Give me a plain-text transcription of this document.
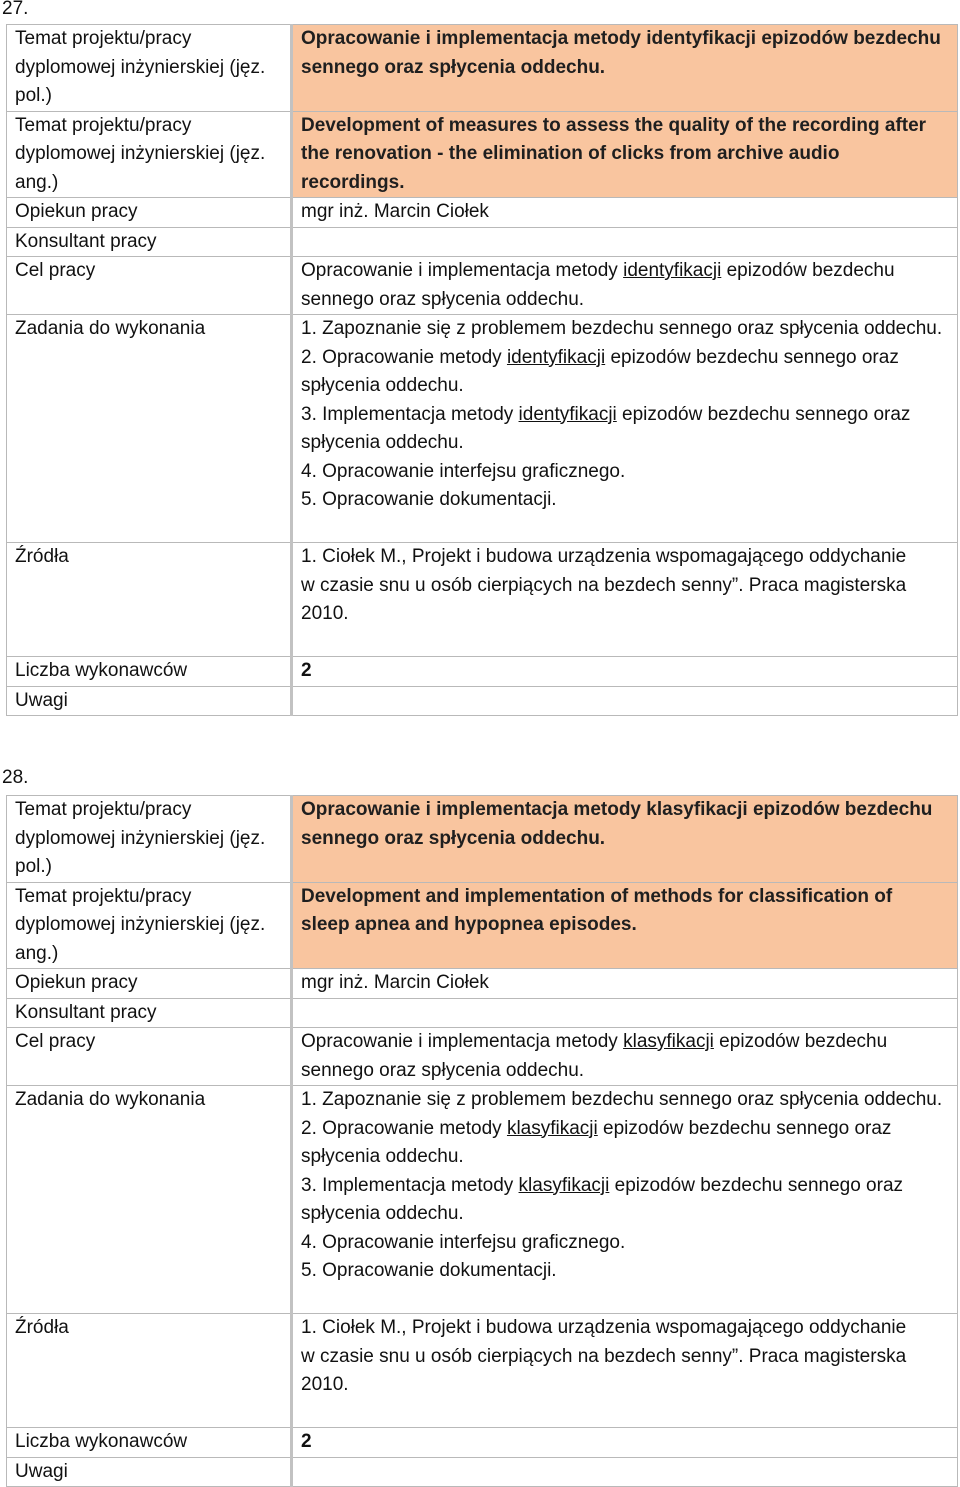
27.
Temat projektu/pracy dyplomowej inżynierskiej (jęz. pol.)	Opracowanie i implementacja metody identyfikacji epizodów bezdechu sennego oraz spłycenia oddechu.
Temat projektu/pracy dyplomowej inżynierskiej (jęz. ang.)	Development of measures to assess the quality of the recording after the renovation - the elimination of clicks from archive audio recordings.
Opiekun pracy	mgr inż. Marcin Ciołek
Konsultant pracy	
Cel pracy	Opracowanie i implementacja metody identyfikacji epizodów bezdechu sennego oraz spłycenia oddechu.
Zadania do wykonania	1. Zapoznanie się z problemem bezdechu sennego oraz spłycenia oddechu.
2. Opracowanie metody identyfikacji epizodów bezdechu sennego oraz spłycenia oddechu.
3. Implementacja metody identyfikacji epizodów bezdechu sennego oraz spłycenia oddechu.
4. Opracowanie interfejsu graficznego.
5. Opracowanie dokumentacji.

Źródła	1. Ciołek M., Projekt i budowa urządzenia wspomagającego oddychanie
w czasie snu u osób cierpiących na bezdech senny”. Praca magisterska 2010.

Liczba wykonawców	2
Uwagi	
28.
Temat projektu/pracy dyplomowej inżynierskiej (jęz. pol.)	Opracowanie i implementacja metody klasyfikacji epizodów bezdechu sennego oraz spłycenia oddechu.
Temat projektu/pracy dyplomowej inżynierskiej (jęz. ang.)	Development and implementation of methods for classification of sleep apnea and hypopnea episodes.
Opiekun pracy	mgr inż. Marcin Ciołek
Konsultant pracy	
Cel pracy	Opracowanie i implementacja metody klasyfikacji epizodów bezdechu sennego oraz spłycenia oddechu.
Zadania do wykonania	1. Zapoznanie się z problemem bezdechu sennego oraz spłycenia oddechu.
2. Opracowanie metody klasyfikacji epizodów bezdechu sennego oraz spłycenia oddechu.
3. Implementacja metody klasyfikacji epizodów bezdechu sennego oraz spłycenia oddechu.
4. Opracowanie interfejsu graficznego.
5. Opracowanie dokumentacji.

Źródła	1. Ciołek M., Projekt i budowa urządzenia wspomagającego oddychanie
w czasie snu u osób cierpiących na bezdech senny”. Praca magisterska 2010.

Liczba wykonawców	2
Uwagi	
